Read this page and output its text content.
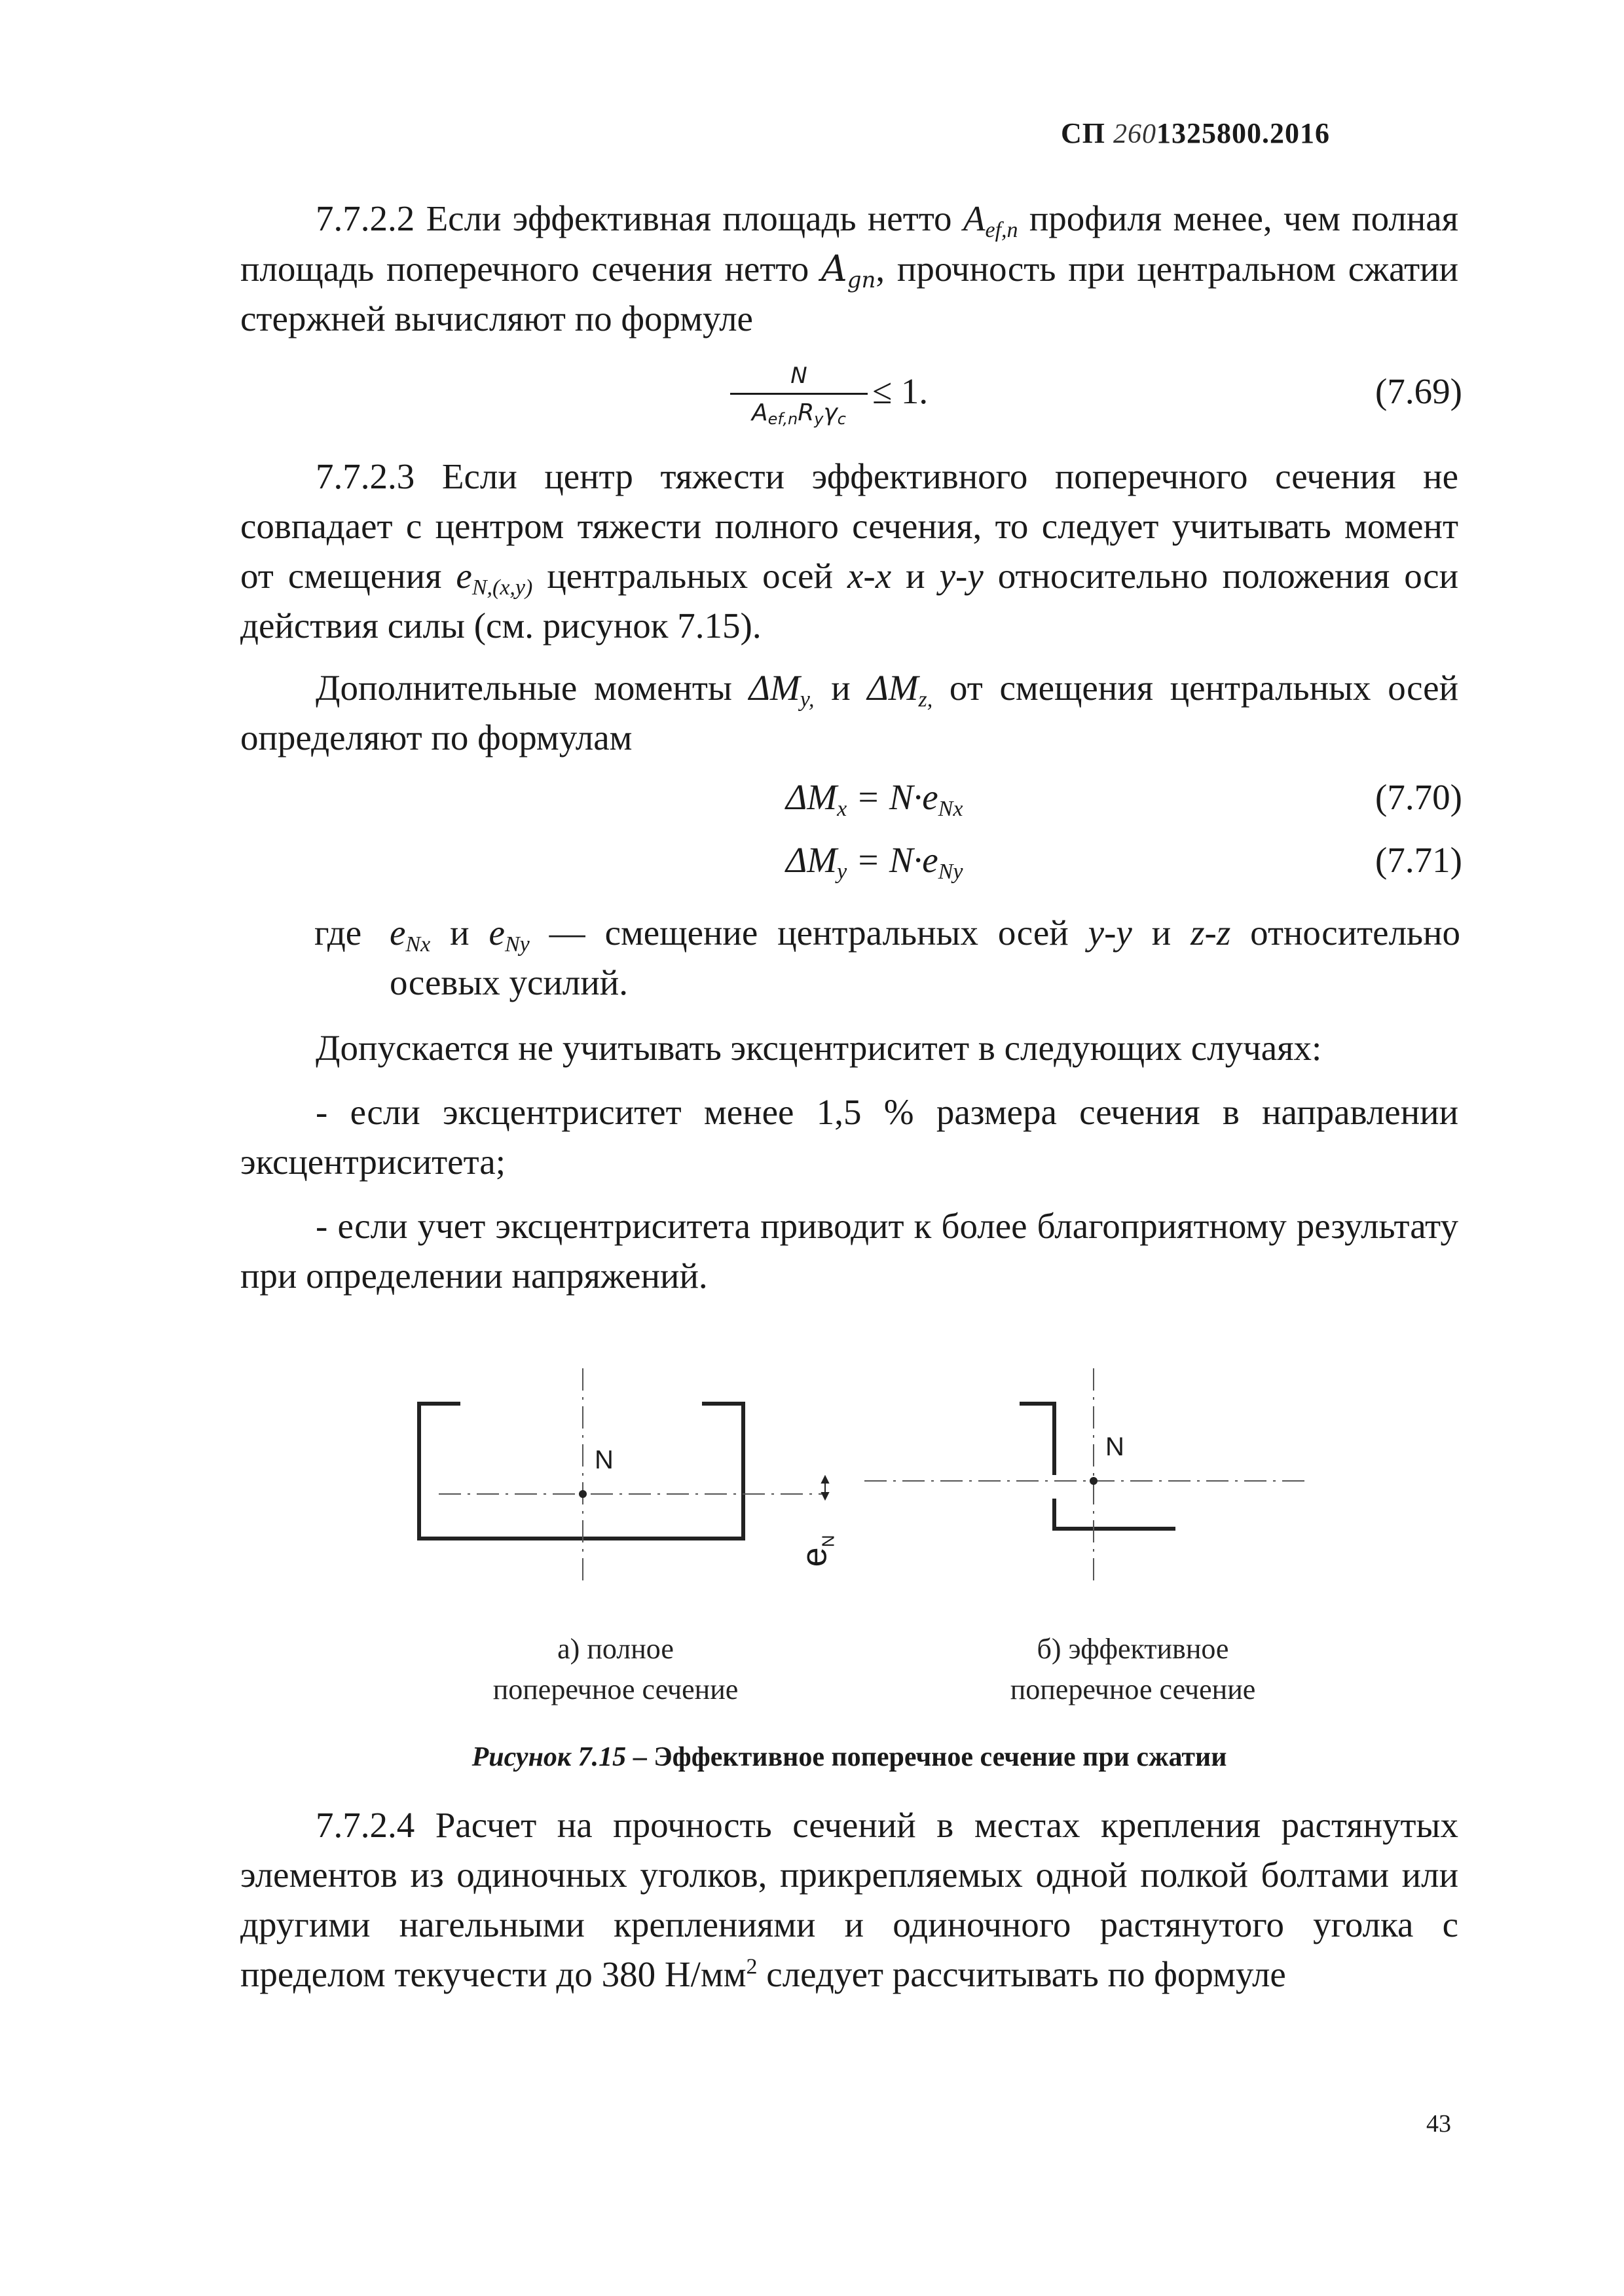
СП 2601325800.2016
7.7.2.2 Если эффективная площадь нетто $A_{ef,n}$ профиля менее, чем полная
площадь поперечного сечения нетто $A_{gn}$, прочность при центральном сжатии
стержней вычисляют по формуле
N
$A_{ef,n}R_y\gamma_c$
≤ 1.	(7.69)
7.7.2.3 Если центр тяжести эффективного поперечного сечения не
совпадает с центром тяжести полного сечения, то следует учитывать момент
от смещения $e_{N,(x,y)}$ центральных осей x-x и y-y относительно положения оси
действия силы (см. рисунок 7.15).
Дополнительные моменты $\Delta M_{y,}$ и $\Delta M_{z,}$ от смещения центральных осей
определяют по формулам
$\Delta M_x = N\cdot e_{Nx}$	(7.70)
$\Delta M_y = N\cdot e_{Ny}$	(7.71)
где $e_{Nx}$ и $e_{Ny}$ — смещение центральных осей y-y и z-z относительно
осевых усилий.
Допускается не учитывать эксцентриситет в следующих случаях:
- если эксцентриситет менее 1,5 % размера сечения в направлении
эксцентриситета;
- если учет эксцентриситета приводит к более благоприятному результату
при определении напряжений.
N	N
$e_N$
а) полное
поперечное сечение
б) эффективное
поперечное сечение
Рисунок 7.15 – Эффективное поперечное сечение при сжатии
7.7.2.4 Расчет на прочность сечений в местах крепления растянутых
элементов из одиночных уголков, прикрепляемых одной полкой болтами или
другими нагельными креплениями и одиночного растянутого уголка с
пределом текучести до 380 $Н/мм^2$ следует рассчитывать по формуле
43
